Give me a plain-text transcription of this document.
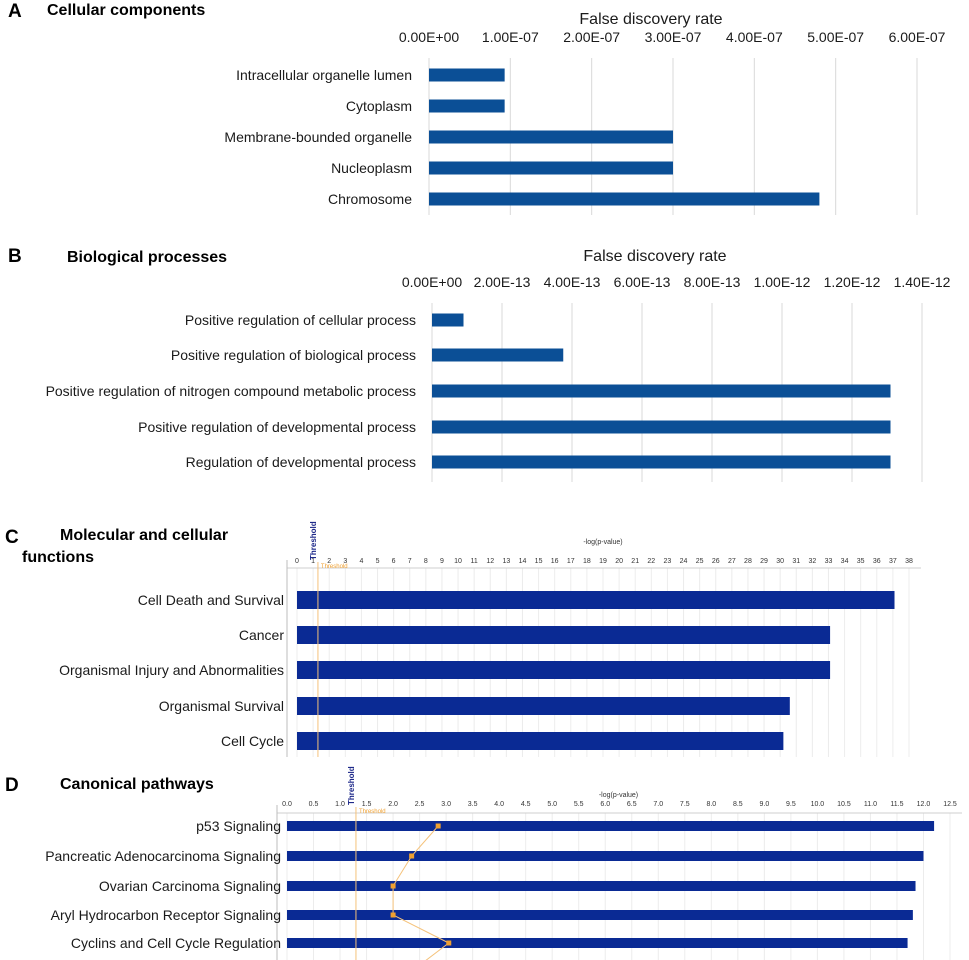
A Cellular components
0.00E+00 1.00E-07 2.00E-07 3.00E-07 4.00E-07 5.00E-07 6.00E-07
False discovery rate
Intracellular organelle lumen
Cytoplasm
Membrane-bounded organelle
Nucleoplasm
Chromosome
B	Biological processes
0.00E+00 2.00E-13 4.00E-13 6.00E-13 8.00E-13 1.00E-12 1.20E-12 1.40E-12
False discovery rate
Positive regulation of cellular process
Positive regulation of biological process
Positive regulation of nitrogen compound metabolic process
Positive regulation of developmental process
Regulation of developmental process
C	Molecular and cellular
functions	0 1 2 3 4 5 6 7 8 9 10 11 12 13 14 15 16 17 18 19 20 21 22 23 24 25 26 27 28 29 30 31 32 33 34 35 36 37 38
-log(p-value)
Cell Death and Survival
Cancer
Organismal Injury and Abnormalities
Organismal Survival
Cell Cycle
Threshold
Threshold
D	Canonical pathways
0.0 0.5 1.0 1.5 2.0 2.5 3.0 3.5 4.0 4.5 5.0 5.5 6.0 6.5 7.0 7.5 8.0 8.5 9.0 9.5 10.0 10.5 11.0 11.5 12.0 12.5
-log(p-value)
p53 Signaling
Pancreatic Adenocarcinoma Signaling
Ovarian Carcinoma Signaling
Aryl Hydrocarbon Receptor Signaling
Cyclins and Cell Cycle Regulation
Threshold
Threshold
